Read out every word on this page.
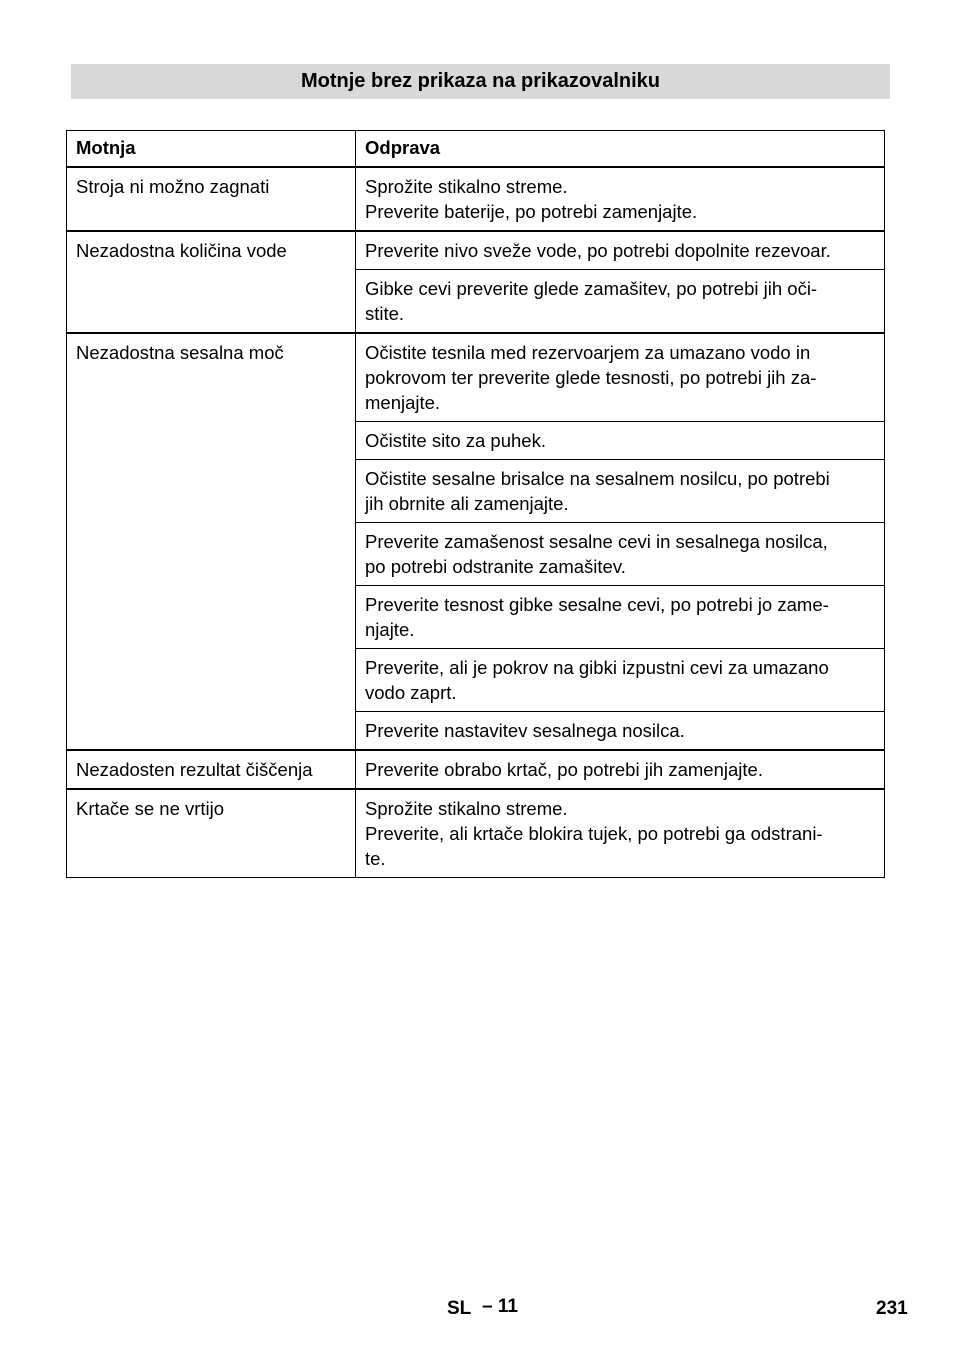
Motnje brez prikaza na prikazovalniku
Motnja	Odprava
Stroja ni možno zagnati	Sprožite stikalno streme.
Preverite baterije, po potrebi zamenjajte.

Nezadostna količina vode	Preverite nivo sveže vode, po potrebi dopolnite rezevoar.

	Gibke cevi preverite glede zamašitev, po potrebi jih oči-
stite.

Nezadostna sesalna moč	Očistite tesnila med rezervoarjem za umazano vodo in
pokrovom ter preverite glede tesnosti, po potrebi jih za-
menjajte.

	Očistite sito za puhek.

	Očistite sesalne brisalce na sesalnem nosilcu, po potrebi
jih obrnite ali zamenjajte.

	Preverite zamašenost sesalne cevi in sesalnega nosilca,
po potrebi odstranite zamašitev.

	Preverite tesnost gibke sesalne cevi, po potrebi jo zame-
njajte.

	Preverite, ali je pokrov na gibki izpustni cevi za umazano
vodo zaprt.

	Preverite nastavitev sesalnega nosilca.

Nezadosten rezultat čiščenja	Preverite obrabo krtač, po potrebi jih zamenjajte.

Krtače se ne vrtijo	Sprožite stikalno streme.
Preverite, ali krtače blokira tujek, po potrebi ga odstrani-
te.
SL – 11	231
